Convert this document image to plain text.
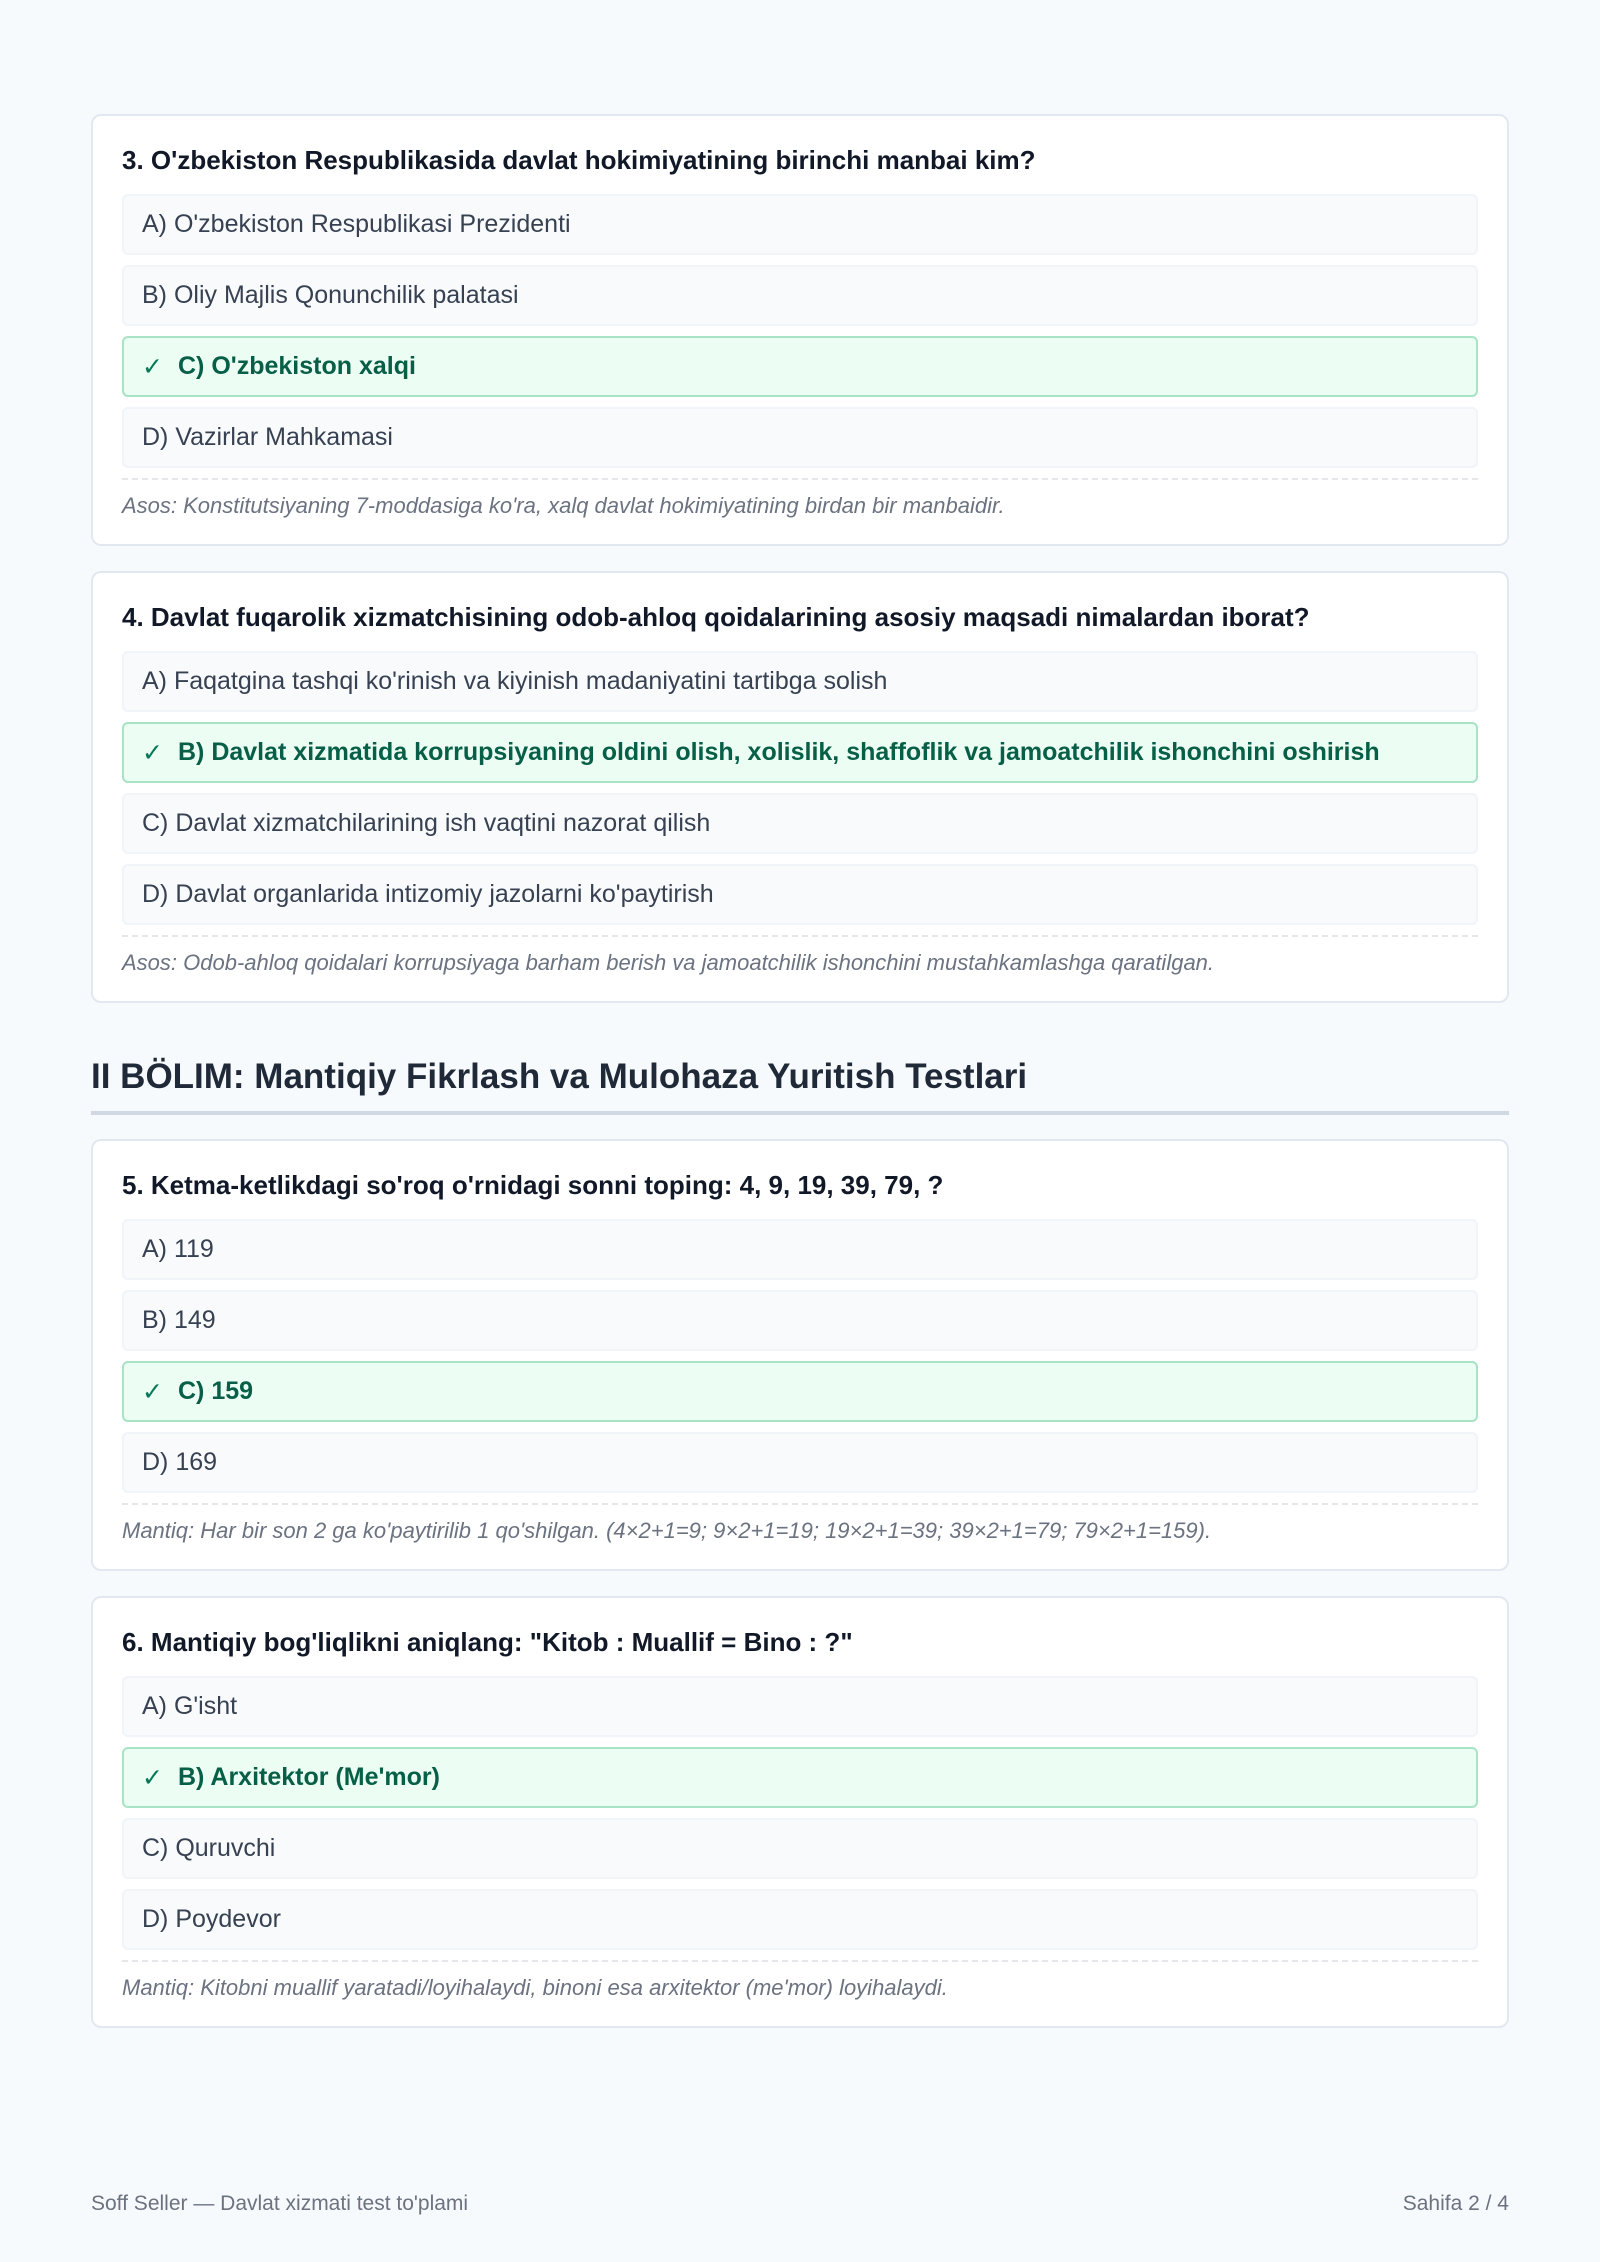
3. O'zbekiston Respublikasida davlat hokimiyatining birinchi manbai kim?
A) O'zbekiston Respublikasi Prezidenti
B) Oliy Majlis Qonunchilik palatasi
✓ C) O'zbekiston xalqi
D) Vazirlar Mahkamasi
Asos: Konstitutsiyaning 7-moddasiga ko'ra, xalq davlat hokimiyatining birdan bir manbaidir.
4. Davlat fuqarolik xizmatchisining odob-ahloq qoidalarining asosiy maqsadi nimalardan iborat?
A) Faqatgina tashqi ko'rinish va kiyinish madaniyatini tartibga solish
✓ B) Davlat xizmatida korrupsiyaning oldini olish, xolislik, shaffoflik va jamoatchilik ishonchini oshirish
C) Davlat xizmatchilarining ish vaqtini nazorat qilish
D) Davlat organlarida intizomiy jazolarni ko'paytirish
Asos: Odob-ahloq qoidalari korrupsiyaga barham berish va jamoatchilik ishonchini mustahkamlashga qaratilgan.
II BÖLIM: Mantiqiy Fikrlash va Mulohaza Yuritish Testlari
5. Ketma-ketlikdagi so'roq o'rnidagi sonni toping: 4, 9, 19, 39, 79, ?
A) 119
B) 149
✓ C) 159
D) 169
Mantiq: Har bir son 2 ga ko'paytirilib 1 qo'shilgan. (4×2+1=9; 9×2+1=19; 19×2+1=39; 39×2+1=79; 79×2+1=159).
6. Mantiqiy bog'liqlikni aniqlang: "Kitob : Muallif = Bino : ?"
A) G'isht
✓ B) Arxitektor (Me'mor)
C) Quruvchi
D) Poydevor
Mantiq: Kitobni muallif yaratadi/loyihalaydi, binoni esa arxitektor (me'mor) loyihalaydi.
Soff Seller — Davlat xizmati test to'plami	Sahifa 2 / 4
